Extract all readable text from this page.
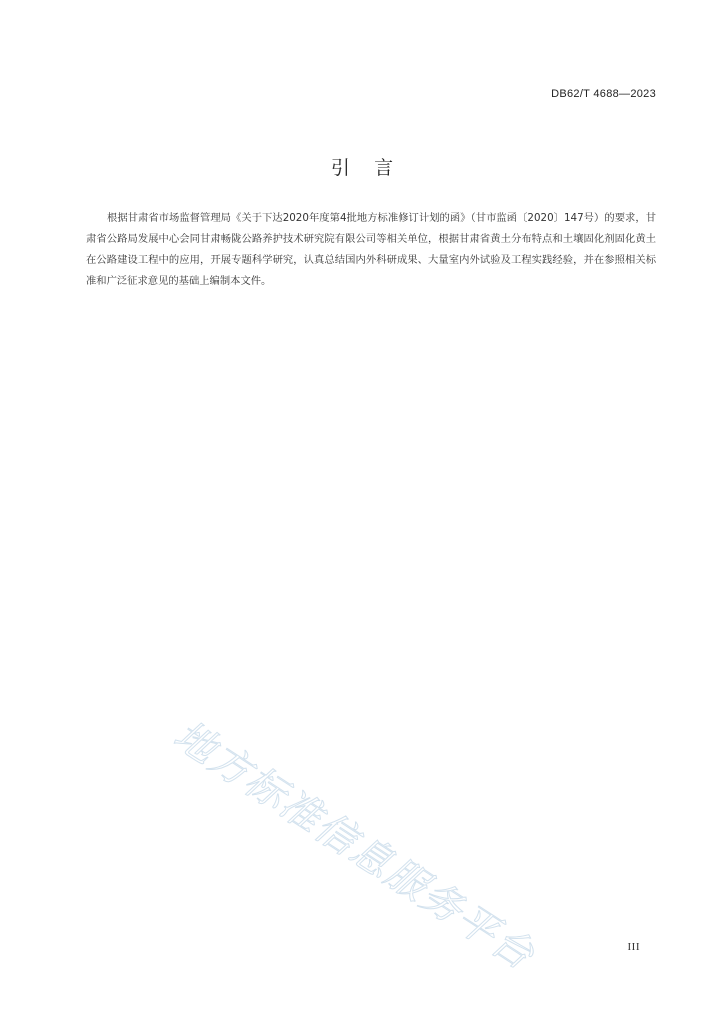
DB62/T 4688—2023
引    言

根据甘肃省市场监督管理局《关于下达2020年度第4批地方标准修订计划的函》（甘市监函〔2020〕147号）的要求，甘肃省公路局发展中心会同甘肃畅陇公路养护技术研究院有限公司等相关单位，根据甘肃省黄土分布特点和土壤固化剂固化黄土在公路建设工程中的应用，开展专题科学研究，认真总结国内外科研成果、大量室内外试验及工程实践经验，并在参照相关标准和广泛征求意见的基础上编制本文件。

地方标准信息服务平台	III
